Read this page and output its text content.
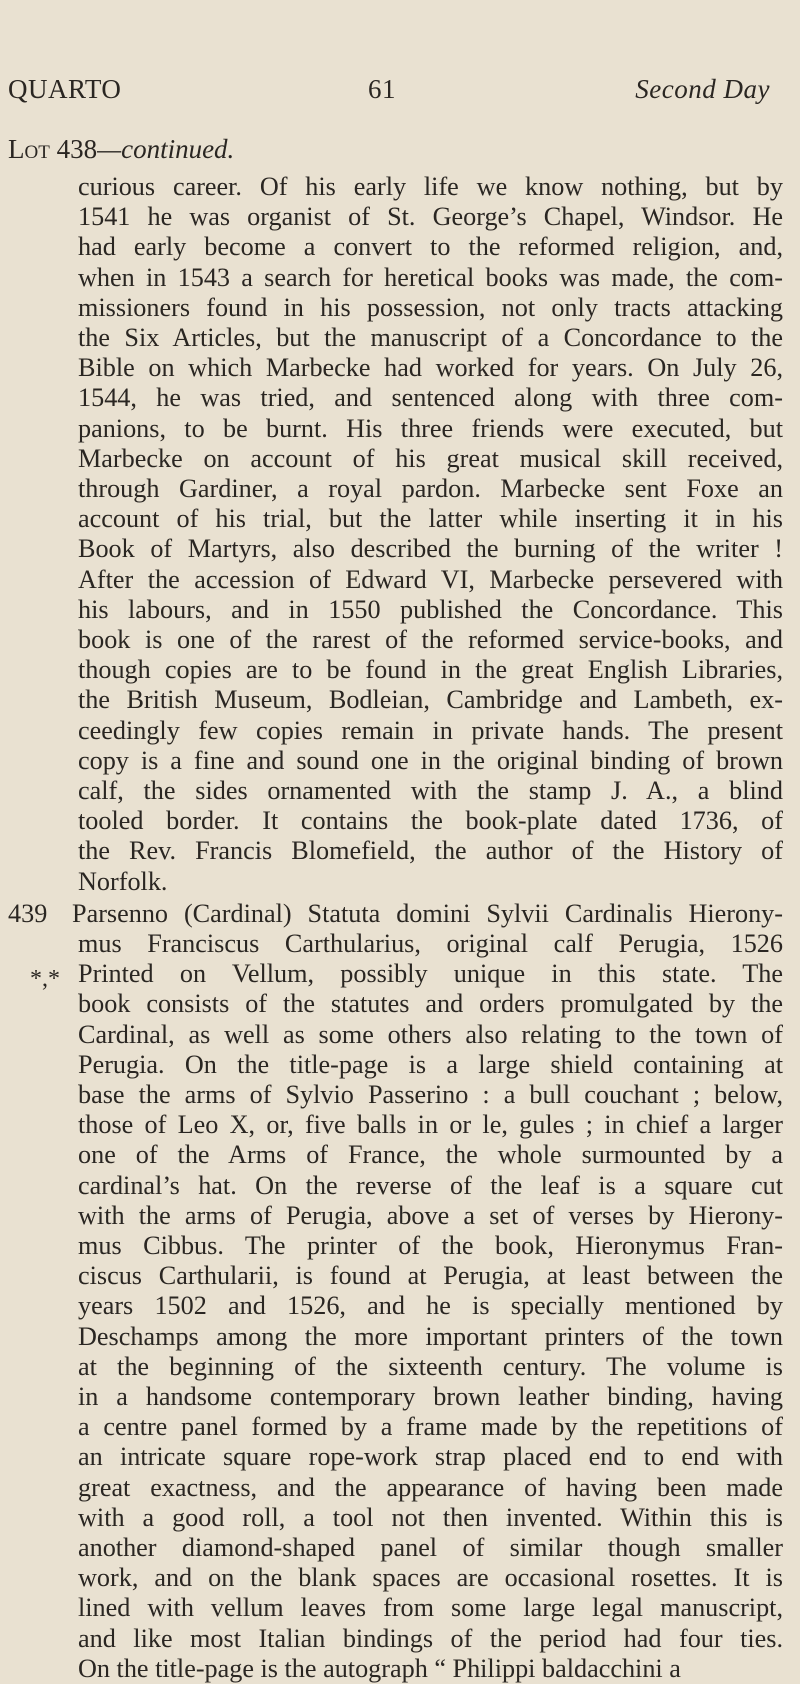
QUARTO	61	Second Day
Lot 438—continued.
curious career. Of his early life we know nothing, but by
1541 he was organist of St. George’s Chapel, Windsor. He
had early become a convert to the reformed religion, and,
when in 1543 a search for heretical books was made, the com-
missioners found in his possession, not only tracts attacking
the Six Articles, but the manuscript of a Concordance to the
Bible on which Marbecke had worked for years. On July 26,
1544, he was tried, and sentenced along with three com-
panions, to be burnt. His three friends were executed, but
Marbecke on account of his great musical skill received,
through Gardiner, a royal pardon. Marbecke sent Foxe an
account of his trial, but the latter while inserting it in his
Book of Martyrs, also described the burning of the writer !
After the accession of Edward VI, Marbecke persevered with
his labours, and in 1550 published the Concordance. This
book is one of the rarest of the reformed service-books, and
though copies are to be found in the great English Libraries,
the British Museum, Bodleian, Cambridge and Lambeth, ex-
ceedingly few copies remain in private hands. The present
copy is a fine and sound one in the original binding of brown
calf, the sides ornamented with the stamp J. A., a blind
tooled border. It contains the book-plate dated 1736, of
the Rev. Francis Blomefield, the author of the History of
Norfolk.
439 Parsenno (Cardinal) Statuta domini Sylvii Cardinalis Hierony-
*,*
mus Franciscus Carthularius, original calf Perugia, 1526
Printed on Vellum, possibly unique in this state. The
book consists of the statutes and orders promulgated by the
Cardinal, as well as some others also relating to the town of
Perugia. On the title-page is a large shield containing at
base the arms of Sylvio Passerino : a bull couchant ; below,
those of Leo X, or, five balls in or le, gules ; in chief a larger
one of the Arms of France, the whole surmounted by a
cardinal’s hat. On the reverse of the leaf is a square cut
with the arms of Perugia, above a set of verses by Hierony-
mus Cibbus. The printer of the book, Hieronymus Fran-
ciscus Carthularii, is found at Perugia, at least between the
years 1502 and 1526, and he is specially mentioned by
Deschamps among the more important printers of the town
at the beginning of the sixteenth century. The volume is
in a handsome contemporary brown leather binding, having
a centre panel formed by a frame made by the repetitions of
an intricate square rope-work strap placed end to end with
great exactness, and the appearance of having been made
with a good roll, a tool not then invented. Within this is
another diamond-shaped panel of similar though smaller
work, and on the blank spaces are occasional rosettes. It is
lined with vellum leaves from some large legal manuscript,
and like most Italian bindings of the period had four ties.
On the title-page is the autograph “ Philippi baldacchini a
